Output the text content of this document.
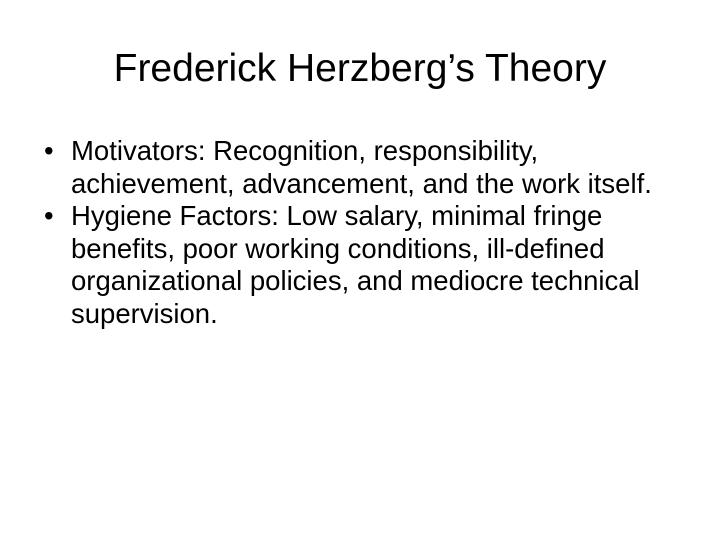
Frederick Herzberg’s Theory
• Motivators: Recognition, responsibility, achievement, advancement, and the work itself.
• Hygiene Factors: Low salary, minimal fringe benefits, poor working conditions, ill-defined organizational policies, and mediocre technical supervision.
